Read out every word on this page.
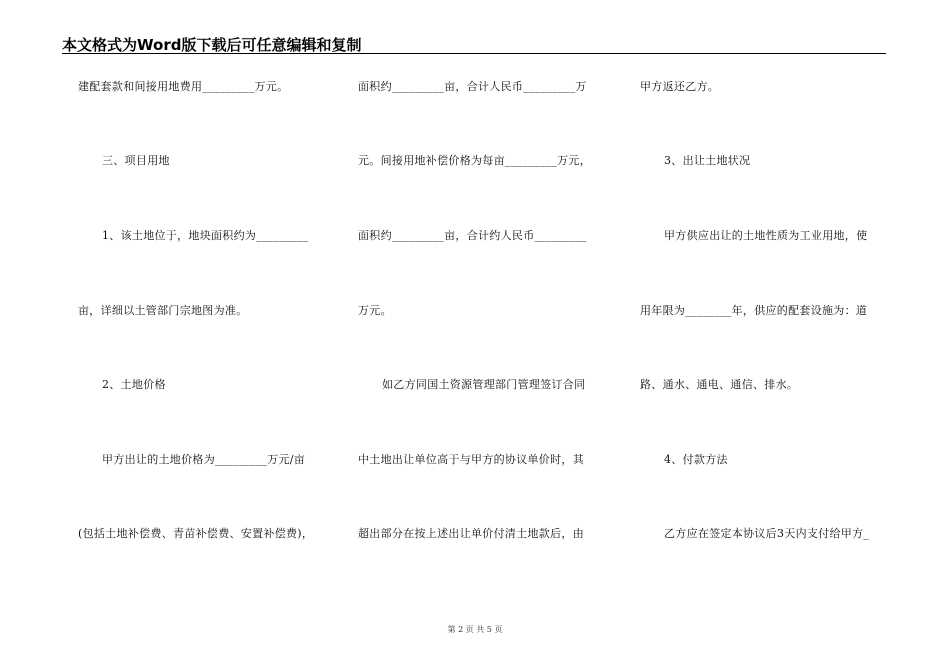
本文格式为Word版下载后可任意编辑和复制
建配套款和间接用地费用_________万元。
三、项目用地
1、该土地位于，地块面积约为_________
亩，详细以土管部门宗地图为准。
2、土地价格
甲方出让的土地价格为_________万元/亩
(包括土地补偿费、青苗补偿费、安置补偿费)，
面积约_________亩，合计人民币_________万
元。间接用地补偿价格为每亩_________万元，
面积约_________亩，合计约人民币_________
万元。
如乙方同国土资源管理部门管理签订合同
中土地出让单位高于与甲方的协议单价时，其
超出部分在按上述出让单价付清土地款后，由
甲方返还乙方。
3、出让土地状况
甲方供应出让的土地性质为工业用地，使
用年限为________年，供应的配套设施为：道
路、通水、通电、通信、排水。
4、付款方法
乙方应在签定本协议后3天内支付给甲方_
第 2 页 共 5 页
